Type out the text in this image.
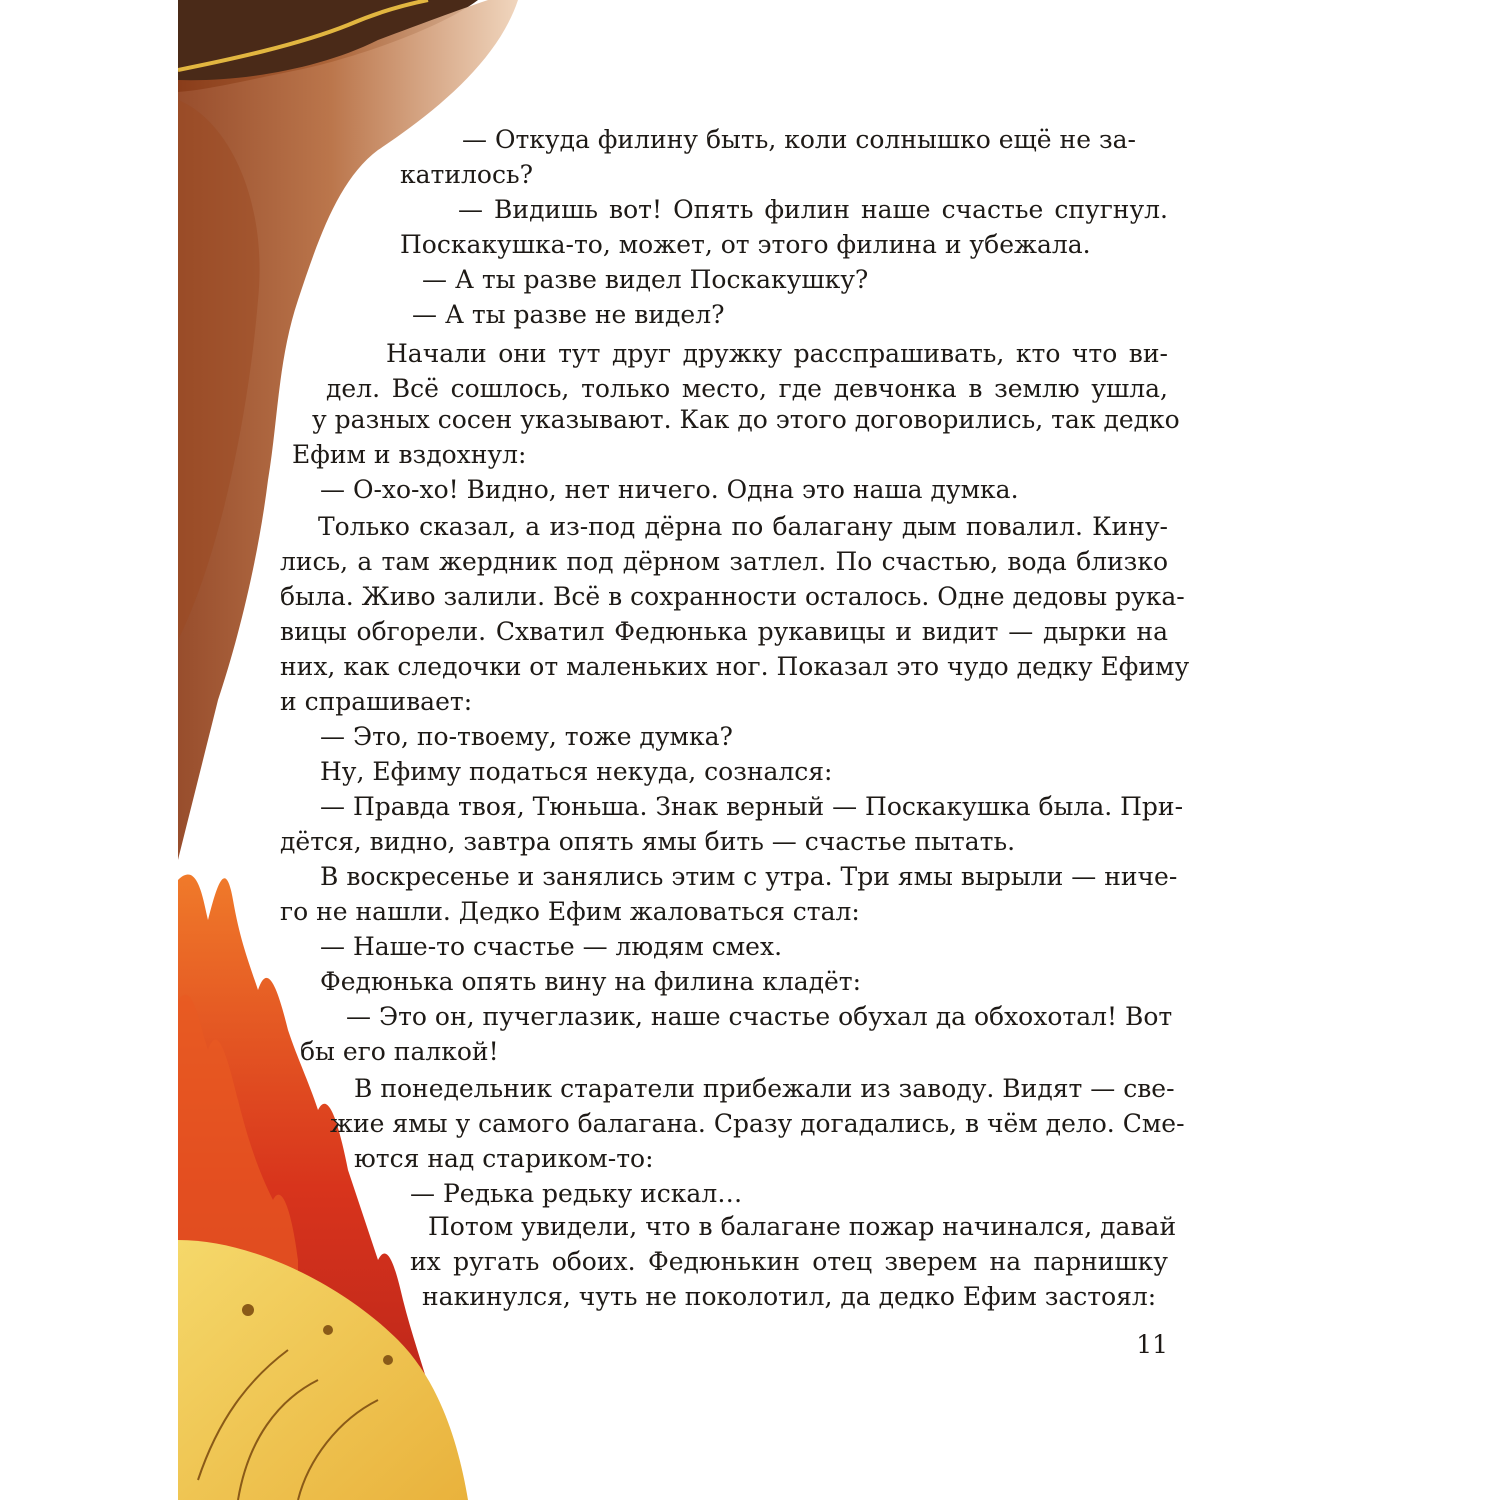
— Откуда филину быть, коли солнышко ещё не за-
катилось?
— Видишь вот! Опять филин наше счастье спугнул.
Поскакушка-то, может, от этого филина и убежала.
— А ты разве видел Поскакушку?
— А ты разве не видел?
Начали они тут друг дружку расспрашивать, кто что ви-
дел. Всё сошлось, только место, где девчонка в землю ушла,
у разных сосен указывают. Как до этого договорились, так дедко
Ефим и вздохнул:
— О-хо-хо! Видно, нет ничего. Одна это наша думка.
Только сказал, а из-под дёрна по балагану дым повалил. Кину-
лись, а там жердник под дёрном затлел. По счастью, вода близко
была. Живо залили. Всё в сохранности осталось. Одне дедовы рука-
вицы обгорели. Схватил Федюнька рукавицы и видит — дырки на
них, как следочки от маленьких ног. Показал это чудо дедку Ефиму
и спрашивает:
— Это, по-твоему, тоже думка?
Ну, Ефиму податься некуда, сознался:
— Правда твоя, Тюньша. Знак верный — Поскакушка была. При-
дётся, видно, завтра опять ямы бить — счастье пытать.
В воскресенье и занялись этим с утра. Три ямы вырыли — ниче-
го не нашли. Дедко Ефим жаловаться стал:
— Наше-то счастье — людям смех.
Федюнька опять вину на филина кладёт:
— Это он, пучеглазик, наше счастье обухал да обхохотал! Вот
бы его палкой!
В понедельник старатели прибежали из заводу. Видят — све-
жие ямы у самого балагана. Сразу догадались, в чём дело. Сме-
ются над стариком-то:
— Редька редьку искал…
Потом увидели, что в балагане пожар начинался, давай
их ругать обоих. Федюнькин отец зверем на парнишку
накинулся, чуть не поколотил, да дедко Ефим застоял:
11
